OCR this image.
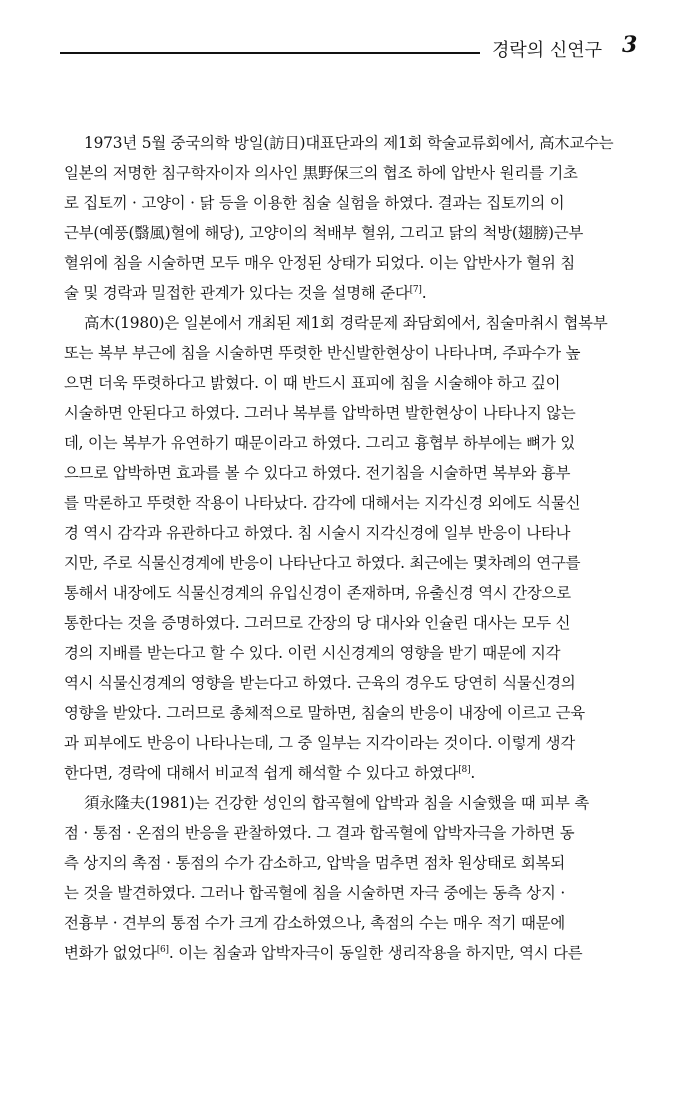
경락의 신연구 3
1973년 5월 중국의학 방일(訪日)대표단과의 제1회 학술교류회에서, 高木교수는
일본의 저명한 침구학자이자 의사인 黒野保三의 협조 하에 압반사 원리를 기초
로 집토끼 · 고양이 · 닭 등을 이용한 침술 실험을 하였다. 결과는 집토끼의 이
근부(예풍(翳風)혈에 해당), 고양이의 척배부 혈위, 그리고 닭의 척방(翅膀)근부
혈위에 침을 시술하면 모두 매우 안정된 상태가 되었다. 이는 압반사가 혈위 침
술 및 경락과 밀접한 관계가 있다는 것을 설명해 준다[7].
高木(1980)은 일본에서 개최된 제1회 경락문제 좌담회에서, 침술마취시 협복부
또는 복부 부근에 침을 시술하면 뚜렷한 반신발한현상이 나타나며, 주파수가 높
으면 더욱 뚜렷하다고 밝혔다. 이 때 반드시 표피에 침을 시술해야 하고 깊이
시술하면 안된다고 하였다. 그러나 복부를 압박하면 발한현상이 나타나지 않는
데, 이는 복부가 유연하기 때문이라고 하였다. 그리고 흉협부 하부에는 뼈가 있
으므로 압박하면 효과를 볼 수 있다고 하였다. 전기침을 시술하면 복부와 흉부
를 막론하고 뚜렷한 작용이 나타났다. 감각에 대해서는 지각신경 외에도 식물신
경 역시 감각과 유관하다고 하였다. 침 시술시 지각신경에 일부 반응이 나타나
지만, 주로 식물신경계에 반응이 나타난다고 하였다. 최근에는 몇차례의 연구를
통해서 내장에도 식물신경계의 유입신경이 존재하며, 유출신경 역시 간장으로
통한다는 것을 증명하였다. 그러므로 간장의 당 대사와 인슐린 대사는 모두 신
경의 지배를 받는다고 할 수 있다. 이런 시신경계의 영향을 받기 때문에 지각
역시 식물신경계의 영향을 받는다고 하였다. 근육의 경우도 당연히 식물신경의
영향을 받았다. 그러므로 총체적으로 말하면, 침술의 반응이 내장에 이르고 근육
과 피부에도 반응이 나타나는데, 그 중 일부는 지각이라는 것이다. 이렇게 생각
한다면, 경락에 대해서 비교적 쉽게 해석할 수 있다고 하였다[8].
須永隆夫(1981)는 건강한 성인의 합곡혈에 압박과 침을 시술했을 때 피부 촉
점 · 통점 · 온점의 반응을 관찰하였다. 그 결과 합곡혈에 압박자극을 가하면 동
측 상지의 촉점 · 통점의 수가 감소하고, 압박을 멈추면 점차 원상태로 회복되
는 것을 발견하였다. 그러나 합곡혈에 침을 시술하면 자극 중에는 동측 상지 ·
전흉부 · 견부의 통점 수가 크게 감소하였으나, 촉점의 수는 매우 적기 때문에
변화가 없었다[6]. 이는 침술과 압박자극이 동일한 생리작용을 하지만, 역시 다른
